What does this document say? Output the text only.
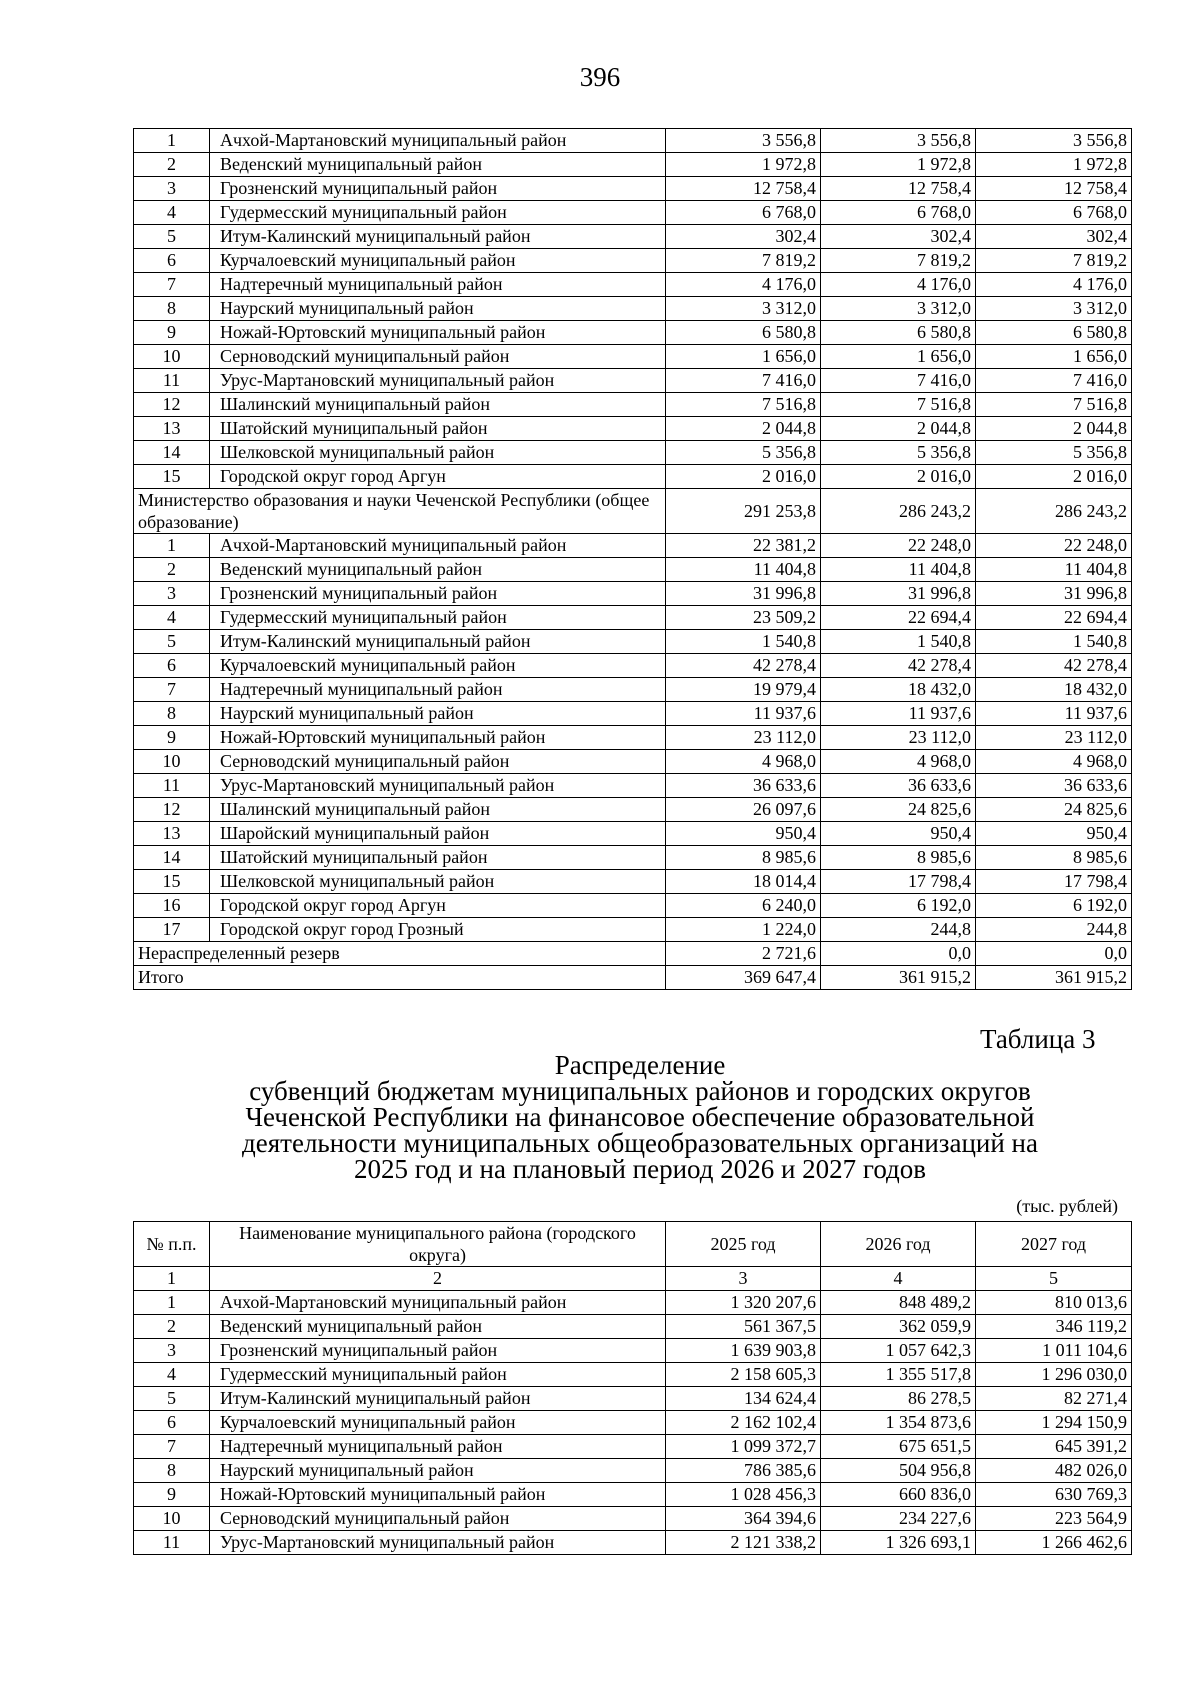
396
1	Ачхой-Мартановский муниципальный район	3 556,8	3 556,8	3 556,8
2	Веденский муниципальный район	1 972,8	1 972,8	1 972,8
3	Грозненский муниципальный район	12 758,4	12 758,4	12 758,4
4	Гудермесский муниципальный район	6 768,0	6 768,0	6 768,0
5	Итум-Калинский муниципальный район	302,4	302,4	302,4
6	Курчалоевский муниципальный район	7 819,2	7 819,2	7 819,2
7	Надтеречный муниципальный район	4 176,0	4 176,0	4 176,0
8	Наурский муниципальный район	3 312,0	3 312,0	3 312,0
9	Ножай-Юртовский муниципальный район	6 580,8	6 580,8	6 580,8
10	Серноводский муниципальный район	1 656,0	1 656,0	1 656,0
11	Урус-Мартановский муниципальный район	7 416,0	7 416,0	7 416,0
12	Шалинский муниципальный район	7 516,8	7 516,8	7 516,8
13	Шатойский муниципальный район	2 044,8	2 044,8	2 044,8
14	Шелковской муниципальный район	5 356,8	5 356,8	5 356,8
15	Городской округ город Аргун	2 016,0	2 016,0	2 016,0
Министерство образования и науки Чеченской Республики (общее образование)		291 253,8	286 243,2	286 243,2
1	Ачхой-Мартановский муниципальный район	22 381,2	22 248,0	22 248,0
2	Веденский муниципальный район	11 404,8	11 404,8	11 404,8
3	Грозненский муниципальный район	31 996,8	31 996,8	31 996,8
4	Гудермесский муниципальный район	23 509,2	22 694,4	22 694,4
5	Итум-Калинский муниципальный район	1 540,8	1 540,8	1 540,8
6	Курчалоевский муниципальный район	42 278,4	42 278,4	42 278,4
7	Надтеречный муниципальный район	19 979,4	18 432,0	18 432,0
8	Наурский муниципальный район	11 937,6	11 937,6	11 937,6
9	Ножай-Юртовский муниципальный район	23 112,0	23 112,0	23 112,0
10	Серноводский муниципальный район	4 968,0	4 968,0	4 968,0
11	Урус-Мартановский муниципальный район	36 633,6	36 633,6	36 633,6
12	Шалинский муниципальный район	26 097,6	24 825,6	24 825,6
13	Шаройский муниципальный район	950,4	950,4	950,4
14	Шатойский муниципальный район	8 985,6	8 985,6	8 985,6
15	Шелковской муниципальный район	18 014,4	17 798,4	17 798,4
16	Городской округ город Аргун	6 240,0	6 192,0	6 192,0
17	Городской округ город Грозный	1 224,0	244,8	244,8
Нераспределенный резерв		2 721,6	0,0	0,0
Итого		369 647,4	361 915,2	361 915,2
Таблица 3
Распределение
субвенций бюджетам муниципальных районов и городских округов
Чеченской Республики на финансовое обеспечение образовательной
деятельности муниципальных общеобразовательных организаций на
2025 год и на плановый период 2026 и 2027 годов
(тыс. рублей)
№ п.п.	Наименование муниципального района (городского округа)	2025 год	2026 год	2027 год
1	2	3	4	5
1	Ачхой-Мартановский муниципальный район	1 320 207,6	848 489,2	810 013,6
2	Веденский муниципальный район	561 367,5	362 059,9	346 119,2
3	Грозненский муниципальный район	1 639 903,8	1 057 642,3	1 011 104,6
4	Гудермесский муниципальный район	2 158 605,3	1 355 517,8	1 296 030,0
5	Итум-Калинский муниципальный район	134 624,4	86 278,5	82 271,4
6	Курчалоевский муниципальный район	2 162 102,4	1 354 873,6	1 294 150,9
7	Надтеречный муниципальный район	1 099 372,7	675 651,5	645 391,2
8	Наурский муниципальный район	786 385,6	504 956,8	482 026,0
9	Ножай-Юртовский муниципальный район	1 028 456,3	660 836,0	630 769,3
10	Серноводский муниципальный район	364 394,6	234 227,6	223 564,9
11	Урус-Мартановский муниципальный район	2 121 338,2	1 326 693,1	1 266 462,6
